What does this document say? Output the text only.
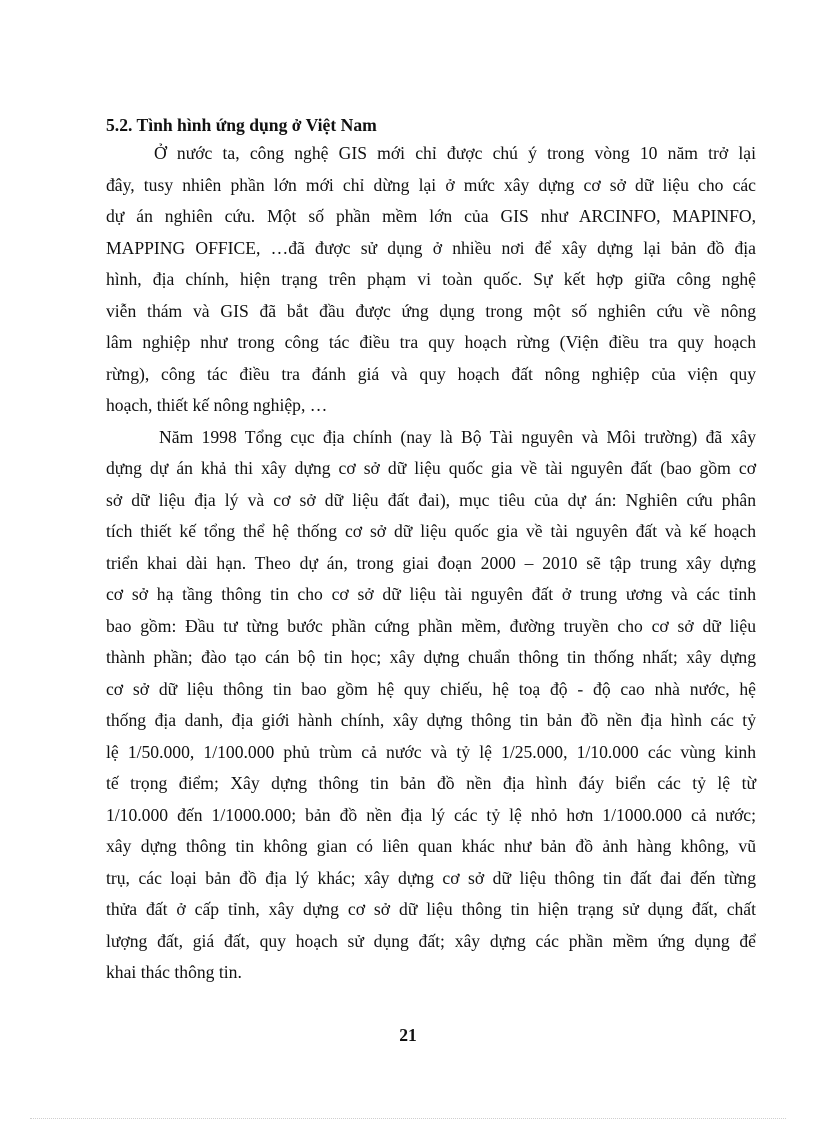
5.2. Tình hình ứng dụng ở Việt Nam

Ở nước ta, công nghệ GIS mới chỉ được chú ý trong vòng 10 năm trở lại
đây, tusy nhiên phần lớn mới chỉ dừng lại ở mức xây dựng cơ sở dữ liệu cho các
dự án nghiên cứu. Một số phần mềm lớn của GIS như ARCINFO, MAPINFO,
MAPPING OFFICE, …đã được sử dụng ở nhiều nơi để xây dựng lại bản đồ địa
hình, địa chính, hiện trạng trên phạm vi toàn quốc. Sự kết hợp giữa công nghệ
viễn thám và GIS đã bắt đầu được ứng dụng trong một số nghiên cứu về nông
lâm nghiệp như trong công tác điều tra quy hoạch rừng (Viện điều tra quy hoạch
rừng), công tác điều tra đánh giá và quy hoạch đất nông nghiệp của viện quy
hoạch, thiết kế nông nghiệp, …

Năm 1998 Tổng cục địa chính (nay là Bộ Tài nguyên và Môi trường) đã xây
dựng dự án khả thi xây dựng cơ sở dữ liệu quốc gia về tài nguyên đất (bao gồm cơ
sở dữ liệu địa lý và cơ sở dữ liệu đất đai), mục tiêu của dự án: Nghiên cứu phân
tích thiết kế tổng thể hệ thống cơ sở dữ liệu quốc gia về tài nguyên đất và kế hoạch
triển khai dài hạn. Theo dự án, trong giai đoạn 2000 – 2010 sẽ tập trung xây dựng
cơ sở hạ tầng thông tin cho cơ sở dữ liệu tài nguyên đất ở trung ương và các tỉnh
bao gồm: Đầu tư từng bước phần cứng phần mềm, đường truyền cho cơ sở dữ liệu
thành phần; đào tạo cán bộ tin học; xây dựng chuẩn thông tin thống nhất; xây dựng
cơ sở dữ liệu thông tin bao gồm hệ quy chiếu, hệ toạ độ - độ cao nhà nước, hệ
thống địa danh, địa giới hành chính, xây dựng thông tin bản đồ nền địa hình các tỷ
lệ 1/50.000, 1/100.000 phủ trùm cả nước và tỷ lệ 1/25.000, 1/10.000 các vùng kinh
tế trọng điểm; Xây dựng thông tin bản đồ nền địa hình đáy biển các tỷ lệ từ
1/10.000 đến 1/1000.000; bản đồ nền địa lý các tỷ lệ nhỏ hơn 1/1000.000 cả nước;
xây dựng thông tin không gian có liên quan khác như bản đồ ảnh hàng không, vũ
trụ, các loại bản đồ địa lý khác; xây dựng cơ sở dữ liệu thông tin đất đai đến từng
thửa đất ở cấp tỉnh, xây dựng cơ sở dữ liệu thông tin hiện trạng sử dụng đất, chất
lượng đất, giá đất, quy hoạch sử dụng đất; xây dựng các phần mềm ứng dụng để
khai thác thông tin.

21
